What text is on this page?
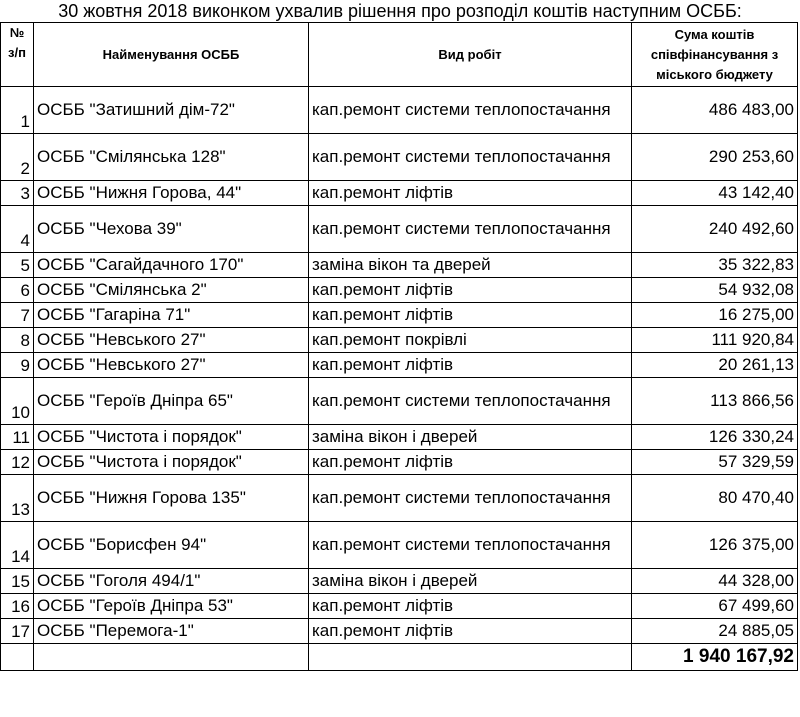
30 жовтня 2018 виконком ухвалив рішення про розподіл коштів наступним ОСББ:
№
з/п	Найменування ОСББ	Вид робіт	Сума коштів
співфінансування з
міського бюджету
1	ОСББ "Затишний дім-72"	кап.ремонт системи теплопостачання	486 483,00
2	ОСББ "Смілянська 128"	кап.ремонт системи теплопостачання	290 253,60
3	ОСББ "Нижня Горова, 44"	кап.ремонт ліфтів	43 142,40
4	ОСББ "Чехова 39"	кап.ремонт системи теплопостачання	240 492,60
5	ОСББ "Сагайдачного 170"	заміна вікон та дверей	35 322,83
6	ОСББ "Смілянська 2"	кап.ремонт ліфтів	54 932,08
7	ОСББ "Гагаріна 71"	кап.ремонт ліфтів	16 275,00
8	ОСББ "Невського 27"	кап.ремонт покрівлі	111 920,84
9	ОСББ "Невського 27"	кап.ремонт ліфтів	20 261,13
10	ОСББ "Героїв Дніпра 65"	кап.ремонт системи теплопостачання	113 866,56
11	ОСББ "Чистота і порядок"	заміна вікон і дверей	126 330,24
12	ОСББ "Чистота і порядок"	кап.ремонт ліфтів	57 329,59
13	ОСББ "Нижня Горова 135"	кап.ремонт системи теплопостачання	80 470,40
14	ОСББ "Борисфен 94"	кап.ремонт системи теплопостачання	126 375,00
15	ОСББ "Гоголя 494/1"	заміна вікон і дверей	44 328,00
16	ОСББ "Героїв Дніпра 53"	кап.ремонт ліфтів	67 499,60
17	ОСББ "Перемога-1"	кап.ремонт ліфтів	24 885,05
			1 940 167,92
